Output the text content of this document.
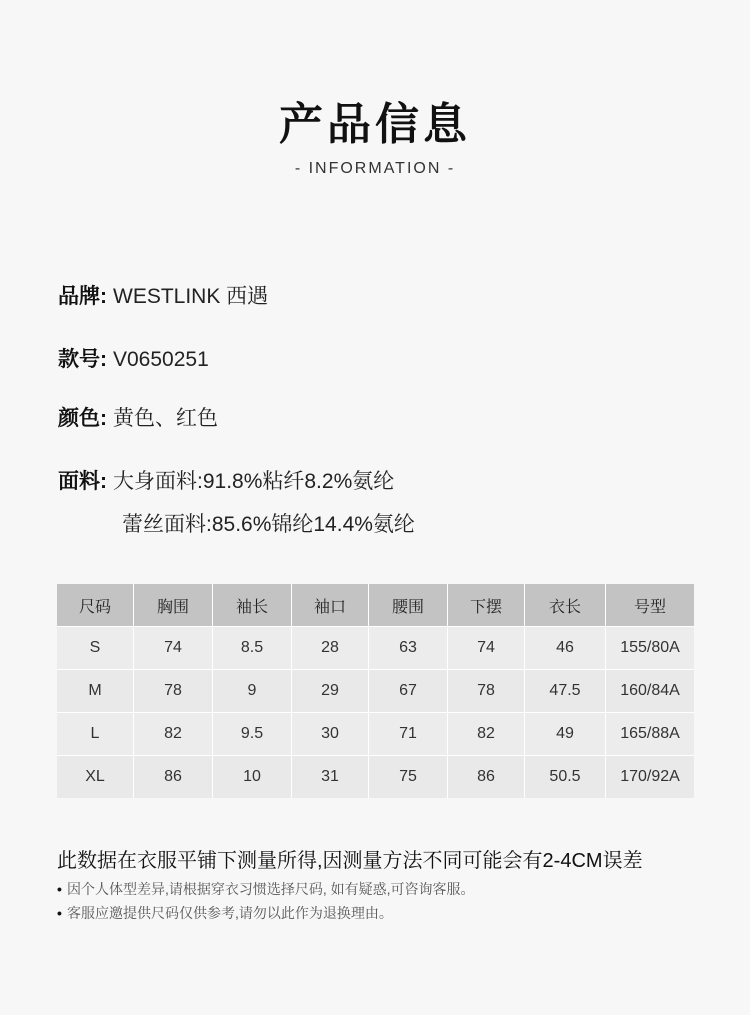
产品信息
- INFORMATION -
品牌: WESTLINK 西遇
款号: V0650251
颜色: 黄色、红色
面料: 大身面料:91.8%粘纤8.2%氨纶
蕾丝面料:85.6%锦纶14.4%氨纶
尺码	胸围	袖长	袖口	腰围	下摆	衣长	号型
S	74	8.5	28	63	74	46	155/80A
M	78	9	29	67	78	47.5	160/84A
L	82	9.5	30	71	82	49	165/88A
XL	86	10	31	75	86	50.5	170/92A
此数据在衣服平铺下测量所得,因测量方法不同可能会有2-4CM误差
• 因个人体型差异,请根据穿衣习惯选择尺码, 如有疑惑,可咨询客服。
• 客服应邀提供尺码仅供参考,请勿以此作为退换理由。
